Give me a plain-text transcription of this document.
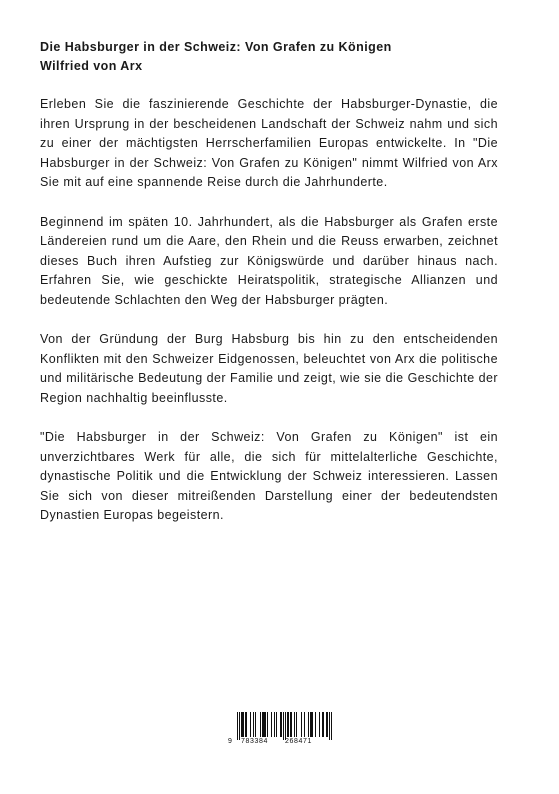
Die Habsburger in der Schweiz: Von Grafen zu Königen

Wilfried von Arx

Erleben Sie die faszinierende Geschichte der Habsburger-Dynastie, die ihren Ursprung in der bescheidenen Landschaft der Schweiz nahm und sich zu einer der mächtigsten Herrscherfamilien Europas entwickelte. In "Die Habsburger in der Schweiz: Von Grafen zu Königen" nimmt Wilfried von Arx Sie mit auf eine spannende Reise durch die Jahrhunderte.

Beginnend im späten 10. Jahrhundert, als die Habsburger als Grafen erste Ländereien rund um die Aare, den Rhein und die Reuss erwarben, zeichnet dieses Buch ihren Aufstieg zur Königswürde und darüber hinaus nach. Erfahren Sie, wie geschickte Heiratspolitik, strategische Allianzen und bedeutende Schlachten den Weg der Habsburger prägten.

Von der Gründung der Burg Habsburg bis hin zu den entscheidenden Konflikten mit den Schweizer Eidgenossen, beleuchtet von Arx die politische und militärische Bedeutung der Familie und zeigt, wie sie die Geschichte der Region nachhaltig beeinflusste.

"Die Habsburger in der Schweiz: Von Grafen zu Königen" ist ein unverzichtbares Werk für alle, die sich für mittelalterliche Geschichte, dynastische Politik und die Entwicklung der Schweiz interessieren. Lassen Sie sich von dieser mitreißenden Darstellung einer der bedeutendsten Dynastien Europas begeistern.

9 783384 268471
